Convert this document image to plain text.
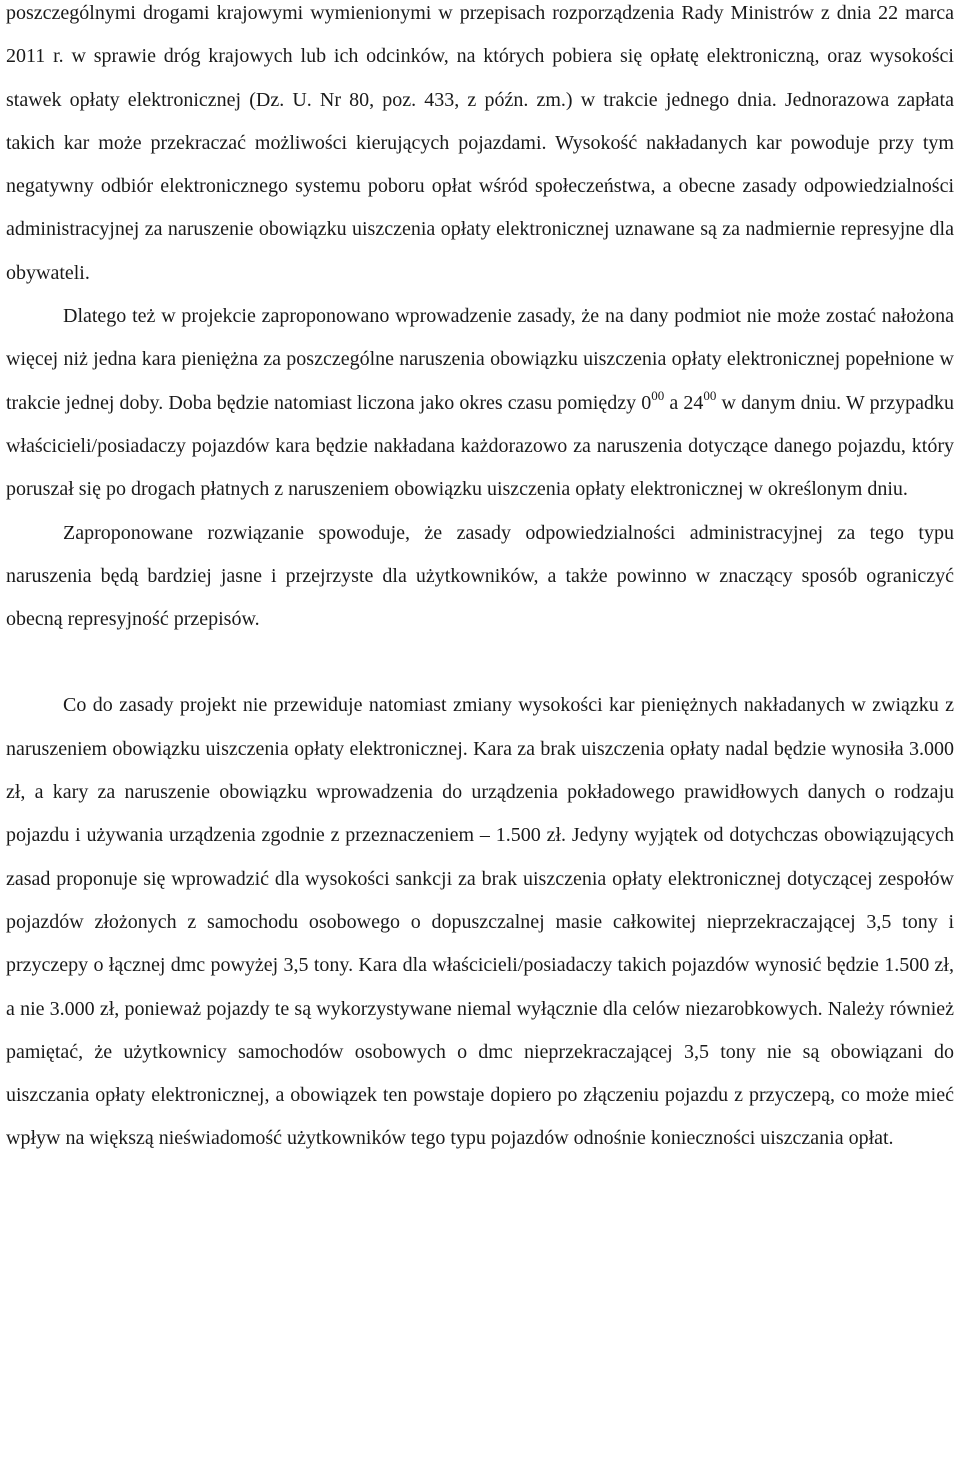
poszczególnymi drogami krajowymi wymienionymi w przepisach rozporządzenia Rady Ministrów z dnia 22 marca 2011 r. w sprawie dróg krajowych lub ich odcinków, na których pobiera się opłatę elektroniczną, oraz wysokości stawek opłaty elektronicznej (Dz. U. Nr 80, poz. 433, z późn. zm.) w trakcie jednego dnia. Jednorazowa zapłata takich kar może przekraczać możliwości kierujących pojazdami. Wysokość nakładanych kar powoduje przy tym negatywny odbiór elektronicznego systemu poboru opłat wśród społeczeństwa, a obecne zasady odpowiedzialności administracyjnej za naruszenie obowiązku uiszczenia opłaty elektronicznej uznawane są za nadmiernie represyjne dla obywateli.

Dlatego też w projekcie zaproponowano wprowadzenie zasady, że na dany podmiot nie może zostać nałożona więcej niż jedna kara pieniężna za poszczególne naruszenia obowiązku uiszczenia opłaty elektronicznej popełnione w trakcie jednej doby. Doba będzie natomiast liczona jako okres czasu pomiędzy $0^{00}$ a $24^{00}$ w danym dniu. W przypadku właścicieli/posiadaczy pojazdów kara będzie nakładana każdorazowo za naruszenia dotyczące danego pojazdu, który poruszał się po drogach płatnych z naruszeniem obowiązku uiszczenia opłaty elektronicznej w określonym dniu.

Zaproponowane rozwiązanie spowoduje, że zasady odpowiedzialności administracyjnej za tego typu naruszenia będą bardziej jasne i przejrzyste dla użytkowników, a także powinno w znaczący sposób ograniczyć obecną represyjność przepisów.

Co do zasady projekt nie przewiduje natomiast zmiany wysokości kar pieniężnych nakładanych w związku z naruszeniem obowiązku uiszczenia opłaty elektronicznej. Kara za brak uiszczenia opłaty nadal będzie wynosiła 3.000 zł, a kary za naruszenie obowiązku wprowadzenia do urządzenia pokładowego prawidłowych danych o rodzaju pojazdu i używania urządzenia zgodnie z przeznaczeniem – 1.500 zł. Jedyny wyjątek od dotychczas obowiązujących zasad proponuje się wprowadzić dla wysokości sankcji za brak uiszczenia opłaty elektronicznej dotyczącej zespołów pojazdów złożonych z samochodu osobowego o dopuszczalnej masie całkowitej nieprzekraczającej 3,5 tony i przyczepy o łącznej dmc powyżej 3,5 tony. Kara dla właścicieli/posiadaczy takich pojazdów wynosić będzie 1.500 zł, a nie 3.000 zł, ponieważ pojazdy te są wykorzystywane niemal wyłącznie dla celów niezarobkowych. Należy również pamiętać, że użytkownicy samochodów osobowych o dmc nieprzekraczającej 3,5 tony nie są obowiązani do uiszczania opłaty elektronicznej, a obowiązek ten powstaje dopiero po złączeniu pojazdu z przyczepą, co może mieć wpływ na większą nieświadomość użytkowników tego typu pojazdów odnośnie konieczności uiszczania opłat.
